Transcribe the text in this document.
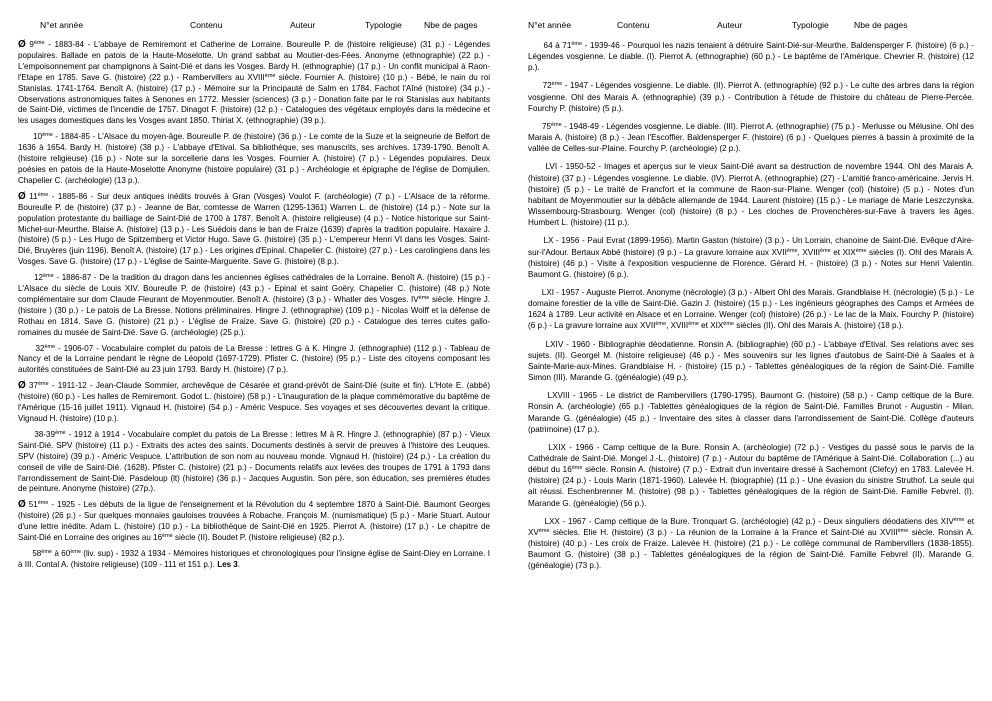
N°et année	Contenu	Auteur	Typologie	Nbe de pages

Ø 9ème - 1883-84 - L'abbaye de Remiremont et Catherine de Lorraine. Boureulle P. de (histoire religieuse) (31 p.) - Légendes populaires. Ballade en patois de la Haute-Moselotte. Un grand sabbat au Moutier-des-Fées. Anonyme (ethnographie) (22 p.) - L'empoisonnement par champignons à Saint-Dié et dans les Vosges. Bardy H. (ethnographie) (17 p.) - Un conflit municipal à Raon-l'Etape en 1785. Save G. (histoire) (22 p.) - Rambervillers au XVIIIème siècle. Fournier A. (histoire) (10 p.) - Bébé, le nain du roi Stanislas. 1741-1764. Benoît A. (histoire) (17 p.) - Mémoire sur la Principauté de Salm en 1784. Fachot l'Aîné (histoire) (34 p.) - Observations astronomiques faites à Senones en 1772. Messier (sciences) (3 p.) - Donation faite par le roi Stanislas aux habitants de Saint-Dié, victimes de l'incendie de 1757. Dinagot F. (histoire) (12 p.) - Catalogues des végétaux employés dans la médecine et les usages domestiques dans les Vosges avant 1850. Thiriat X. (ethnographie) (39 p.).

10ème - 1884-85 - L'Alsace du moyen-âge. Boureulle P. de (histoire) (36 p.) - Le comte de la Suze et la seigneurie de Belfort de 1636 à 1654. Bardy H. (histoire) (38 p.) - L'abbaye d'Etival. Sa bibliothèque, ses manuscrits, ses archives. 1739-1790. Benoît A. (histoire religieuse) (16 p.) - Note sur la sorcellerie dans les Vosges. Fournier A. (histoire) (7 p.) - Légendes populaires. Deux poésies en patois de la Haute-Moselotte Anonyme (histoire populaire) (31 p.) - Archéologie et épigraphe de l'église de Domjulien. Chapelier C. (archéologie) (13 p.).

Ø 11ème - 1885-86 - Sur deux antiques inédits trouvés à Gran (Vosges) Voulot F. (archéologie) (7 p.) - L'Alsace de la réforme. Boureulle P. de (histoire) (37 p.) - Jeanne de Bar, comtesse de Warren (1295-1361) Warren L. de (histoire) (14 p.) - Note sur la population protestante du bailliage de Saint-Dié de 1700 à 1787. Benoît A. (histoire religieuse) (4 p.) - Notice historique sur Saint-Michel-sur-Meurthe. Blaise A. (histoire) (13 p.) - Les Suédois dans le ban de Fraize (1639) d'après la tradition populaire. Haxaire J. (histoire) (5 p.) - Les Hugo de Spitzemberg et Victor Hugo. Save G. (histoire) (35 p.) - L'empereur Henri VI dans les Vosges. Saint-Dié, Bruyères (juin 1196). Benoît A. (histoire) (17 p.) - Les origines d'Epinal. Chapelier C. (histoire) (27 p.) - Les carolingiens dans les Vosges. Save G. (histoire) (17 p.) - L'église de Sainte-Marguerite. Save G. (histoire) (8 p.).

12ème - 1886-87 - De la tradition du dragon dans les anciennes églises cathédrales de la Lorraine. Benoît A. (histoire) (15 p.) - L'Alsace du siècle de Louis XIV. Boureulle P. de (histoire) (43 p.) - Epinal et saint Goëry. Chapelier C. (histoire) (48 p.) Note complémentaire sur dom Claude Fleurant de Moyenmoutier. Benoît A. (histoire) (3 p.) - Whatler des Vosges. IVème siècle. Hingre J. (histoire ) (30 p.) - Le patois de La Bresse. Notions préliminaires. Hingre J. (ethnographie) (109 p.) - Nicolas Wolff et la défense de Rothau en 1814. Save G. (histoire) (21 p.) - L'église de Fraize. Save G. (histoire) (20 p.) - Catalogue des terres cuites gallo-romaines du musée de Saint-Dié. Save G. (archéologie) (25 p.).

32ème - 1906-07 - Vocabulaire complet du patois de La Bresse : lettres G à K. Hingre J. (ethnographie) (112 p.) - Tableau de Nancy et de la Lorraine pendant le règne de Léopold (1697-1729). Pfister C. (histoire) (95 p.) - Liste des citoyens composant les autorités constituées de Saint-Dié au 23 juin 1793. Bardy H. (histoire) (7 p.).

Ø 37ème - 1911-12 - Jean-Claude Sommier, archevêque de Césarée et grand-prévôt de Saint-Dié (suite et fin). L'Hote E. (abbé) (histoire) (60 p.) - Les halles de Remiremont. Godot L. (histoire) (58 p.) - L'inauguration de la plaque commémorative du baptême de l'Amérique (15-16 juillet 1911). Vignaud H. (histoire) (54 p.) - Améric Vespuce. Ses voyages et ses découvertes devant la critique. Vignaud H. (histoire) (10 p.).

38-39ème - 1912 à 1914 - Vocabulaire complet du patois de La Bresse : lettres M à R. Hingre J. (ethnographie) (87 p.) - Vieux Saint-Dié. SPV (histoire) (11 p.) - Extraits des actes des saints. Documents destinés à servir de preuves à l'histoire des Leuques. SPV (histoire) (39 p.) - Améric Vespuce. L'attribution de son nom au nouveau monde. Vignaud H. (histoire) (24 p.) - La création du conseil de ville de Saint-Dié. (1628). Pfister C. (histoire) (21 p.) - Documents relatifs aux levées des troupes de 1791 à 1793 dans l'arrondissement de Saint-Dié. Pasdeloup (lt) (histoire) (36 p.) - Jacques Augustin. Son père, son éducation, ses premières études de peinture. Anonyme (histoire) (27p.).

Ø 51ème - 1925 - Les débuts de la ligue de l'enseignement et la Révolution du 4 septembre 1870 à Saint-Dié. Baumont Georges (histoire) (26 p.) - Sur quelques monnaies gauloises trouvées à Robache. François M. (numismatique) (5 p.) - Marie Stuart. Autour d'une lettre inédite. Adam L. (histoire) (10 p.) - La bibliothèque de Saint-Dié en 1925. Pierrot A. (histoire) (17 p.) - Le chapitre de Saint-Dié en Lorraine des origines au 16ème siècle (II). Boudet P. (histoire religieuse) (82 p.).

58ème à 60ème (liv. sup) - 1932 à 1934 - Mémoires historiques et chronologiques pour l'insigne église de Saint-Diey en Lorraine. I à III. Contal A. (histoire religieuse) (109 - 111 et 151 p.). Les 3.

N°et année	Contenu	Auteur	Typologie	Nbe de pages

64 à 71ème - 1939-46 - Pourquoi les nazis tenaient à détruire Saint-Dié-sur-Meurthe. Baldensperger F. (histoire) (6 p.) - Légendes vosgienne. Le diable. (I). Pierrot A. (ethnographie) (60 p.) - Le baptême de l'Amérique. Chevrier R. (histoire) (12 p.).

72ème - 1947 - Légendes vosgienne. Le diable. (II). Pierrot A. (ethnographie) (92 p.) - Le culte des arbres dans la région vosgienne. Ohl des Marais A. (ethnographie) (39 p.) - Contribution à l'étude de l'histoire du château de Pierre-Percée. Fourchy P. (histoire) (5 p.).

75ème - 1948-49 - Légendes vosgienne. Le diable. (III). Pierrot A. (ethnographie) (75 p.) - Merlusse ou Mélusine. Ohl des Marais A. (histoire) (8 p.) - Jean l'Escoffier. Baldensperger F. (histoire) (6 p.) - Quelques pierres à bassin à proximité de la vallée de Celles-sur-Plaine. Fourchy P. (archéologie) (2 p.).

LVI - 1950-52 - Images et aperçus sur le vieux Saint-Dié avant sa destruction de novembre 1944. Ohl des Marais A. (histoire) (37 p.) - Légendes vosgienne. Le diable. (IV). Pierrot A. (ethnographie) (27) - L'amitié franco-américaine. Jervis H. (histoire) (5 p.) - Le traité de Francfort et la commune de Raon-sur-Plaine. Wenger (col) (histoire) (5 p.) - Notes d'un habitant de Moyenmoutier sur la débâcle allemande de 1944. Laurent (histoire) (15 p.) - Le mariage de Marie Leszczynska. Wissembourg-Strasbourg. Wenger (col) (histoire) (8 p.) - Les cloches de Provenchères-sur-Fave à travers les âges. Humbert L. (histoire) (11 p.).

LX - 1956 - Paul Evrat (1899-1956). Martin Gaston (histoire) (3 p.) - Un Lorrain, chanoine de Saint-Dié. Evêque d'Aire-sur-l'Adour. Bertaux Abbé (histoire) (9 p.) - La gravure lorraine aux XVIIème, XVIIIème et XIXème siècles (I). Ohl des Marais A. (histoire) (46 p.) - Visite à l'exposition vespucienne de Florence. Gérard H. - (histoire) (3 p.) - Notes sur Henri Valentin. Baumont G. (histoire) (6 p.).

LXI - 1957 - Auguste Pierrot. Anonyme (nécrologie) (3 p.) - Albert Ohl des Marais. Grandblaise H. (nécrologie) (5 p.) - Le domaine forestier de la ville de Saint-Dié. Gazin J. (histoire) (15 p.) - Les ingénieurs géographes des Camps et Armées de 1624 à 1789. Leur activité en Alsace et en Lorraine. Wenger (col) (histoire) (26 p.) - Le lac de la Maix. Fourchy P. (histoire) (6 p.) - La gravure lorraine aux XVIIème, XVIIIème et XIXème siècles (II). Ohl des Marais A. (histoire) (18 p.).

LXIV - 1960 - Bibliographie déodatienne. Ronsin A. (bibliographie) (60 p.) - L'abbaye d'Etival. Ses relations avec ses sujets. (II). Georgel M. (histoire religieuse) (46 p.) - Mes souvenirs sur les lignes d'autobus de Saint-Dié à Saales et à Sainte-Marie-aux-Mines. Grandblaise H. - (histoire) (15 p.) - Tablettes généalogiques de la région de Saint-Dié. Famille Simon (III). Marande G. (généalogie) (49 p.).

LXVIII - 1965 - Le district de Rambervillers (1790-1795). Baumont G. (histoire) (58 p.) - Camp celtique de la Bure. Ronsin A. (archéologie) (65 p.) -Tablettes généalogiques de la région de Saint-Dié. Familles Brunot - Augustin - Milan. Marande G. (généalogie) (45 p.) - Inventaire des sites à classer dans l'arrondissement de Saint-Dié. Collège d'auteurs (patrimoine) (17 p.).

LXIX - 1966 - Camp celtique de la Bure. Ronsin A. (archéologie) (72 p.) - Vestiges du passé sous le parvis de la Cathédrale de Saint-Dié. Mongel J.-L. (histoire) (7 p.) - Autour du baptême de l'Amérique à Saint-Dié. Collaboration (...) au début du 16ème siècle. Ronsin A. (histoire) (7 p.) - Extrait d'un inventaire dressé à Sachemont (Clefcy) en 1783. Lalevée H. (histoire) (24 p.) - Louis Marin (1871-1960). Lalevée H. (biographie) (11 p.) - Une évasion du sinistre Struthof. La seule qui ait réussi. Eschenbrenner M. (histoire) (98 p.) - Tablettes généalogiques de la région de Saint-Dié. Famille Febvrel. (I). Marande G. (généalogie) (56 p.).

LXX - 1967 - Camp celtique de la Bure. Tronquart G. (archéologie) (42 p.) - Deux singuliers déodatiens des XIVème et XVème siècles. Elie H. (histoire) (3 p.) - La réunion de la Lorraine à la France et Saint-Dié au XVIIIème siècle. Ronsin A. (histoire) (40 p.) - Les croix de Fraize. Lalevée H. (histoire) (21 p.) - Le collège communal de Rambervillers (1838-1855). Baumont G. (histoire) (38 p.) - Tablettes généalogiques de la région de Saint-Dié. Famille Febvrel (II). Marande G. (généalogie) (73 p.).
